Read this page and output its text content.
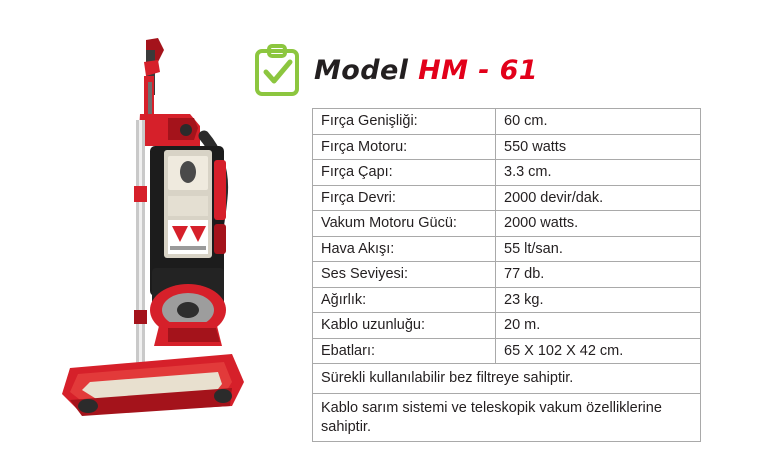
Model HM - 61
Fırça Genişliği:	60 cm.
Fırça Motoru:	550 watts
Fırça Çapı:	3.3 cm.
Fırça Devri:	2000 devir/dak.
Vakum Motoru Gücü:	2000 watts.
Hava Akışı:	55 lt/san.
Ses Seviyesi:	77 db.
Ağırlık:	23 kg.
Kablo uzunluğu:	20 m.
Ebatları:	65 X 102 X 42 cm.
Sürekli kullanılabilir bez filtreye sahiptir.	
Kablo sarım sistemi ve teleskopik vakum özelliklerine sahiptir.	
